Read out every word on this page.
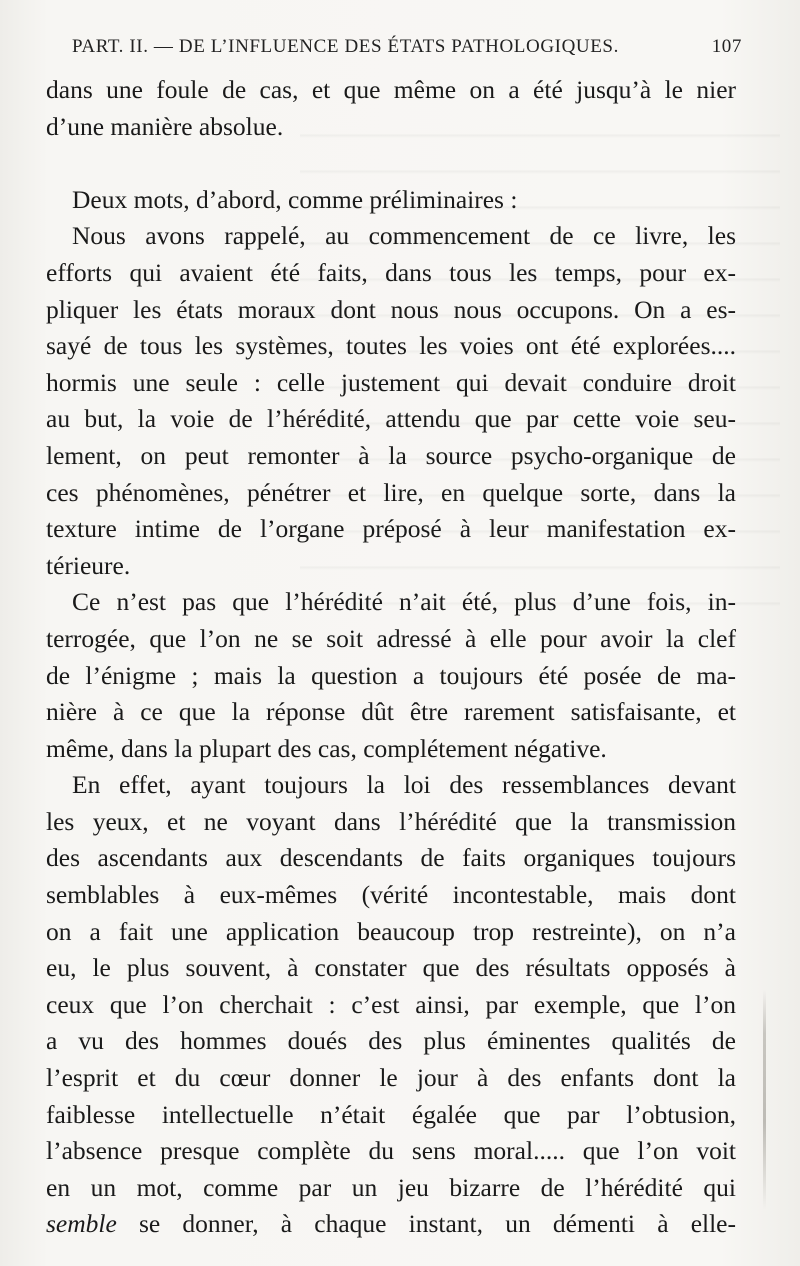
PART. II. — DE L’INFLUENCE DES ÉTATS PATHOLOGIQUES.	107
dans une foule de cas, et que même on a été jusqu’à le nier
d’une manière absolue.
Deux mots, d’abord, comme préliminaires :
Nous avons rappelé, au commencement de ce livre, les
efforts qui avaient été faits, dans tous les temps, pour ex-
pliquer les états moraux dont nous nous occupons. On a es-
sayé de tous les systèmes, toutes les voies ont été explorées....
hormis une seule : celle justement qui devait conduire droit
au but, la voie de l’hérédité, attendu que par cette voie seu-
lement, on peut remonter à la source psycho-organique de
ces phénomènes, pénétrer et lire, en quelque sorte, dans la
texture intime de l’organe préposé à leur manifestation ex-
térieure.
Ce n’est pas que l’hérédité n’ait été, plus d’une fois, in-
terrogée, que l’on ne se soit adressé à elle pour avoir la clef
de l’énigme ; mais la question a toujours été posée de ma-
nière à ce que la réponse dût être rarement satisfaisante, et
même, dans la plupart des cas, complétement négative.
En effet, ayant toujours la loi des ressemblances devant
les yeux, et ne voyant dans l’hérédité que la transmission
des ascendants aux descendants de faits organiques toujours
semblables à eux-mêmes (vérité incontestable, mais dont
on a fait une application beaucoup trop restreinte), on n’a
eu, le plus souvent, à constater que des résultats opposés à
ceux que l’on cherchait : c’est ainsi, par exemple, que l’on
a vu des hommes doués des plus éminentes qualités de
l’esprit et du cœur donner le jour à des enfants dont la
faiblesse intellectuelle n’était égalée que par l’obtusion,
l’absence presque complète du sens moral..... que l’on voit
en un mot, comme par un jeu bizarre de l’hérédité qui
semble se donner, à chaque instant, un démenti à elle-
